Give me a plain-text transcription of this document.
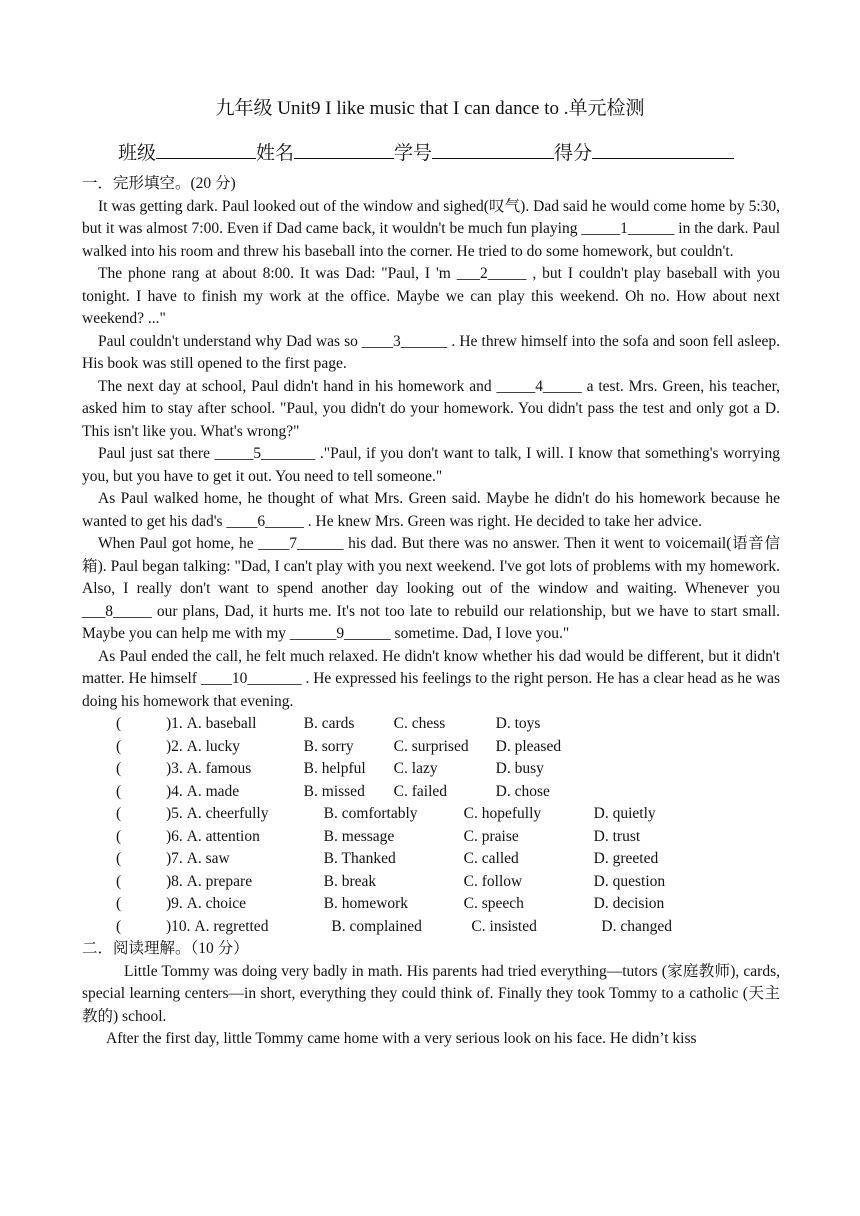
九年级 Unit9 I like music that I can dance to .单元检测
班级	姓名	学号	得分

一．完形填空。(20 分)

It was getting dark. Paul looked out of the window and sighed(叹气). Dad said he would come home by 5:30, but it was almost 7:00. Even if Dad came back, it wouldn't be much fun playing _____1______ in the dark. Paul walked into his room and threw his baseball into the corner. He tried to do some homework, but couldn't.

The phone rang at about 8:00. It was Dad: "Paul, I 'm ___2_____ , but I couldn't play baseball with you tonight. I have to finish my work at the office. Maybe we can play this weekend. Oh no. How about next weekend? ..."

Paul couldn't understand why Dad was so ____3______ . He threw himself into the sofa and soon fell asleep. His book was still opened to the first page.

The next day at school, Paul didn't hand in his homework and _____4_____ a test. Mrs. Green, his teacher, asked him to stay after school. "Paul, you didn't do your homework. You didn't pass the test and only got a D. This isn't like you. What's wrong?"

Paul just sat there _____5_______ ."Paul, if you don't want to talk, I will. I know that something's worrying you, but you have to get it out. You need to tell someone."

As Paul walked home, he thought of what Mrs. Green said. Maybe he didn't do his homework because he wanted to get his dad's ____6_____ . He knew Mrs. Green was right. He decided to take her advice.

When Paul got home, he ____7______ his dad. But there was no answer. Then it went to voicemail(语音信箱). Paul began talking: "Dad, I can't play with you next weekend. I've got lots of problems with my homework. Also, I really don't want to spend another day looking out of the window and waiting. Whenever you ___8_____ our plans, Dad, it hurts me. It's not too late to rebuild our relationship, but we have to start small. Maybe you can help me with my ______9______ sometime. Dad, I love you."

As Paul ended the call, he felt much relaxed. He didn't know whether his dad would be different, but it didn't matter. He himself ____10_______ . He expressed his feelings to the right person. He has a clear head as he was doing his homework that evening.

(	)1. A. baseball	B. cards	C. chess	D. toys
(	)2. A. lucky	B. sorry	C. surprised D. pleased
(	)3. A. famous	B. helpful C. lazy	D. busy
(	)4. A. made	B. missed C. failed	D. chose
(	)5. A. cheerfully	B. comfortably	C. hopefully	D. quietly
(	)6. A. attention	B. message	C. praise	D. trust
(	)7. A. saw	B. Thanked	C. called	D. greeted
(	)8. A. prepare	B. break	C. follow	D. question
(	)9. A. choice	B. homework	C. speech	D. decision
(	)10. A. regretted	B. complained	C. insisted	D. changed

二．阅读理解。（10 分）

Little Tommy was doing very badly in math. His parents had tried everything—tutors (家庭教师), cards, special learning centers—in short, everything they could think of. Finally they took Tommy to a catholic (天主教的) school.

After the first day, little Tommy came home with a very serious look on his face. He didn’t kiss
